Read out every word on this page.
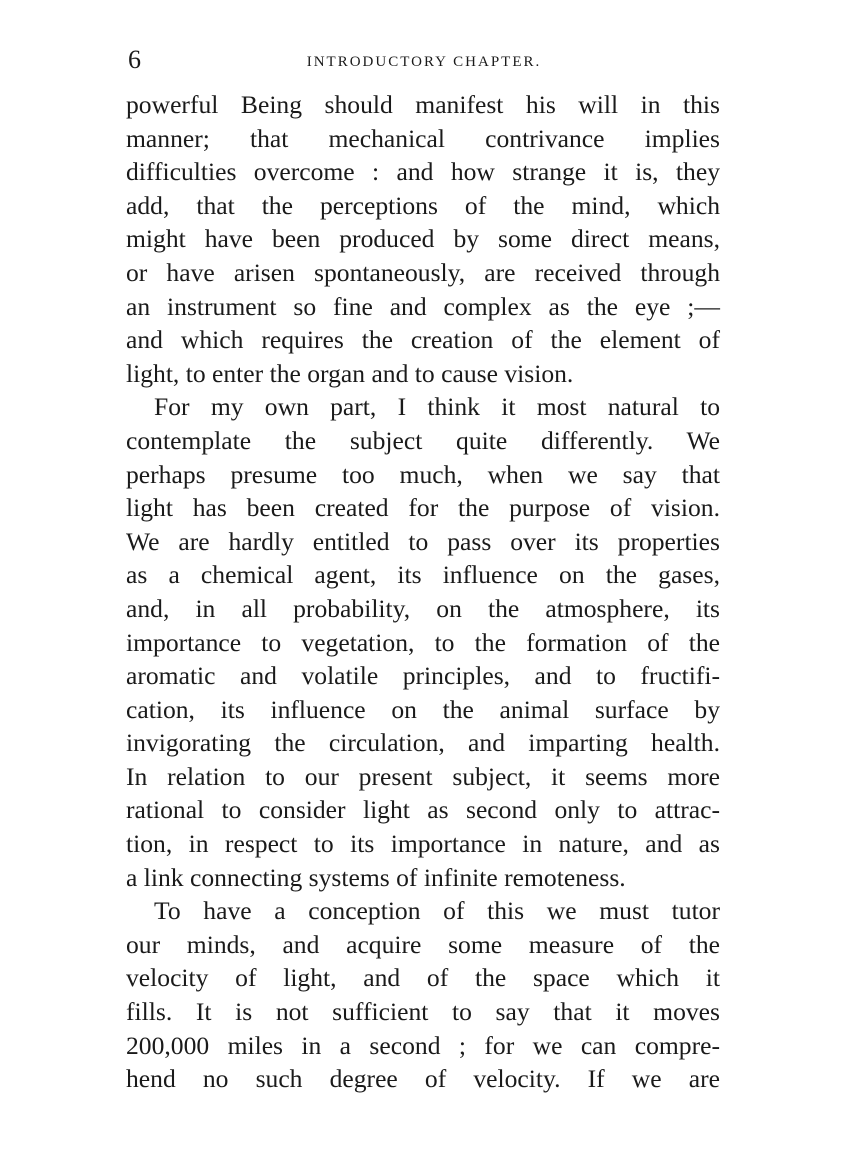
6	INTRODUCTORY CHAPTER.

powerful Being should manifest his will in this
manner; that mechanical contrivance implies
difficulties overcome : and how strange it is, they
add, that the perceptions of the mind, which
might have been produced by some direct means,
or have arisen spontaneously, are received through
an instrument so fine and complex as the eye ;—
and which requires the creation of the element of
light, to enter the organ and to cause vision.

For my own part, I think it most natural to
contemplate the subject quite differently. We
perhaps presume too much, when we say that
light has been created for the purpose of vision.
We are hardly entitled to pass over its properties
as a chemical agent, its influence on the gases,
and, in all probability, on the atmosphere, its
importance to vegetation, to the formation of the
aromatic and volatile principles, and to fructifi-
cation, its influence on the animal surface by
invigorating the circulation, and imparting health.
In relation to our present subject, it seems more
rational to consider light as second only to attrac-
tion, in respect to its importance in nature, and as
a link connecting systems of infinite remoteness.

To have a conception of this we must tutor
our minds, and acquire some measure of the
velocity of light, and of the space which it
fills. It is not sufficient to say that it moves
200,000 miles in a second ; for we can compre-
hend no such degree of velocity. If we are
